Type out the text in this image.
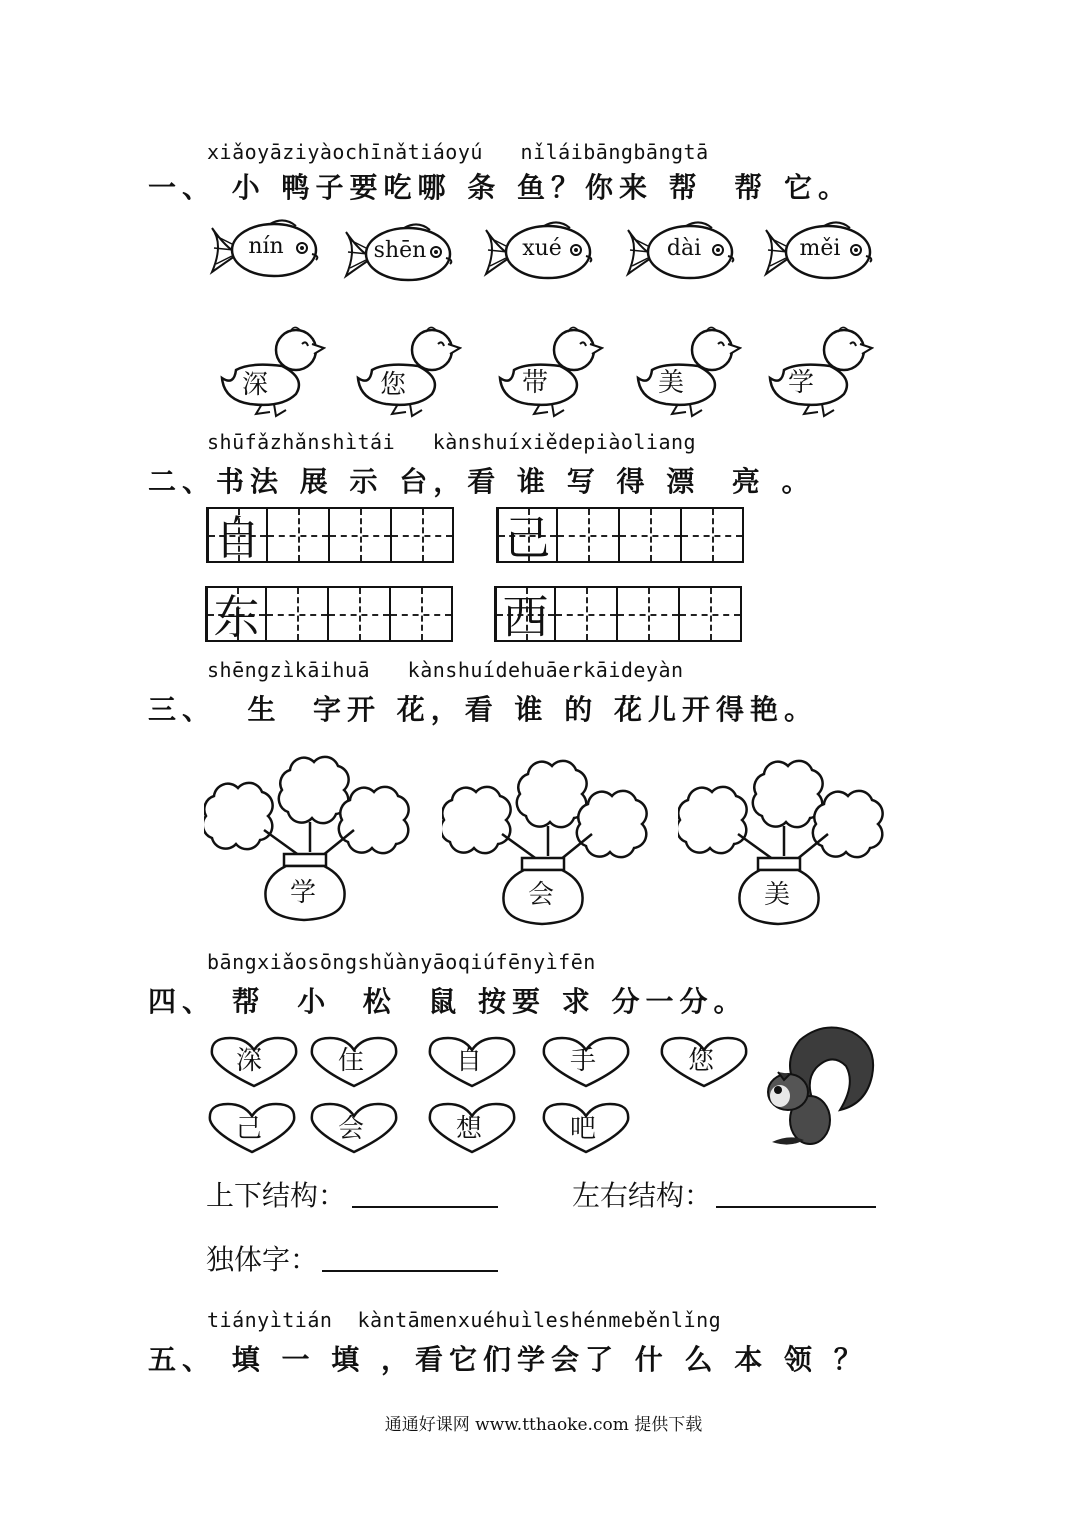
xiǎoyāziyàochīnǎtiáoyú   nǐláibāngbāngtā
一、 小 鸭子要吃哪 条 鱼？你来 帮  帮 它。
nín	shēn	xué	dài	měi
深	您	带	美	学
shūfǎzhǎnshìtái   kànshuíxiědepiàoliang
二、书法 展 示 台，看 谁 写 得 漂  亮 。
自	己
东	西
shēngzìkāihuā   kànshuídehuāerkāideyàn
三、  生  字开 花，看 谁 的 花儿开得艳。
学	会	美
bāngxiǎosōngshǔànyāoqiúfēnyìfēn
四、 帮  小  松  鼠 按要 求 分一分。
深	住	自	手	您
己	会	想	吧
上下结构：	左右结构：
独体字：
tiányìtián  kàntāmenxuéhuìleshénmeběnlǐng
五、 填 一 填 ，看它们学会了 什 么 本 领 ？
通通好课网 www.tthaoke.com 提供下载
